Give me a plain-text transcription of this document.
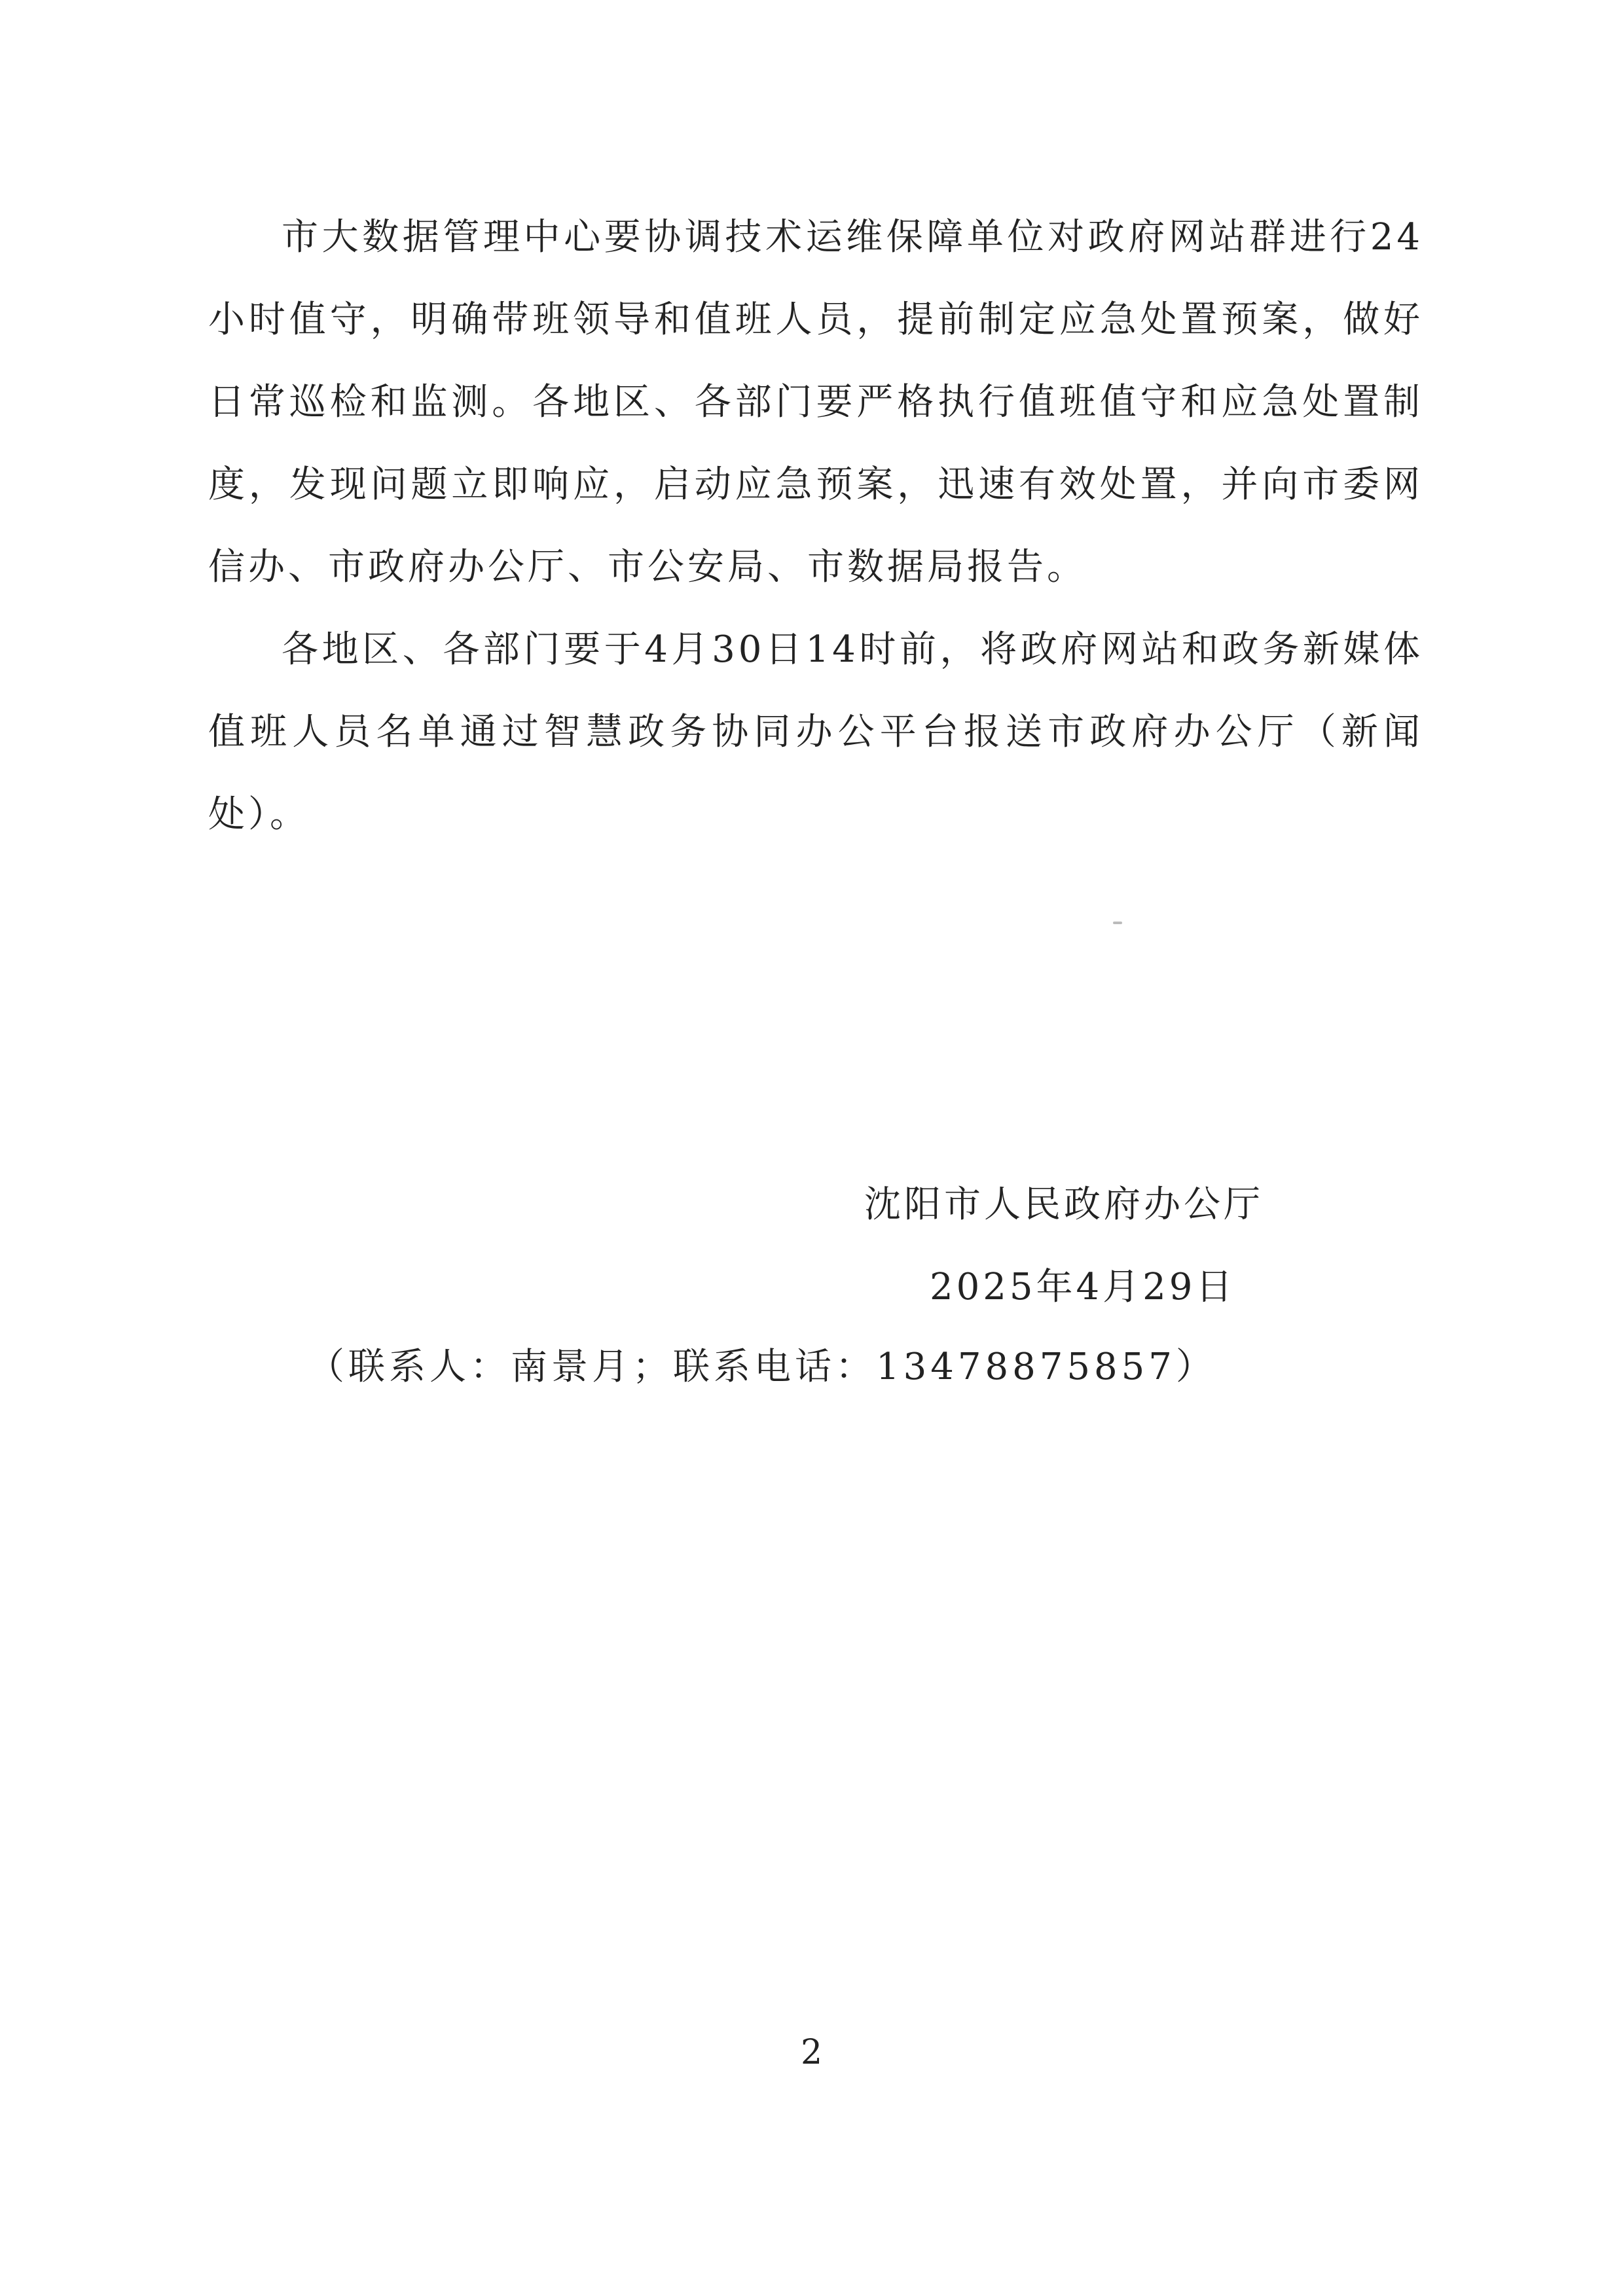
市大数据管理中心要协调技术运维保障单位对政府网站群进行24小时值守，明确带班领导和值班人员，提前制定应急处置预案，做好日常巡检和监测。各地区、各部门要严格执行值班值守和应急处置制度，发现问题立即响应，启动应急预案，迅速有效处置，并向市委网信办、市政府办公厅、市公安局、市数据局报告。

各地区、各部门要于4月30日14时前，将政府网站和政务新媒体值班人员名单通过智慧政务协同办公平台报送市政府办公厅（新闻处）。

沈阳市人民政府办公厅
2025年4月29日
（联系人：南景月；联系电话：13478875857）
2
